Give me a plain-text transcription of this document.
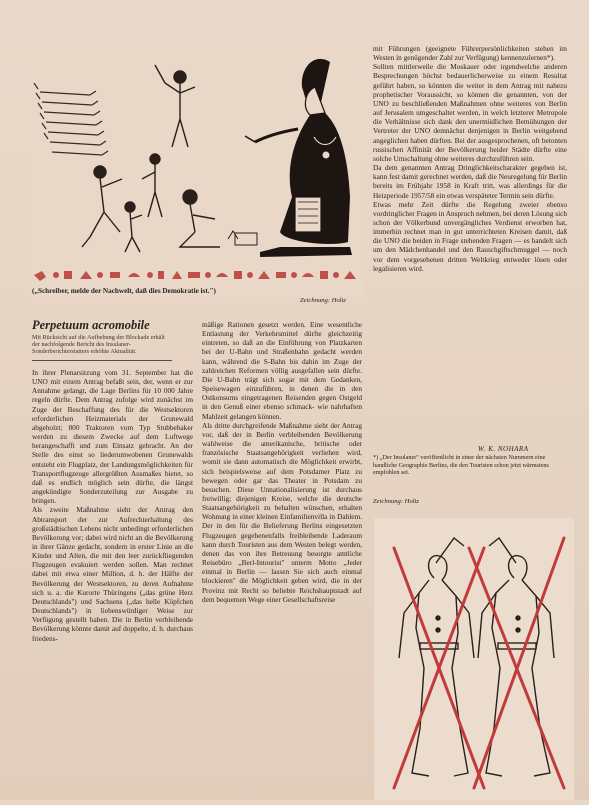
(„Schreiber, melde der Nachwelt, daß dies Demokratie ist.")
Zeichnung: Holtz
Perpetuum acromobile
Mit Rücksicht auf die Aufhebung der Blockade erhält der nachfolgende Bericht des Insulaner-Sonderberichterstatters erhöhte Aktualität.

In ihrer Plenarsitzung vom 31. September hat die UNO mit einem Antrag befaßt sein, der, wenn er zur Annahme gelangt, die Lage Berlins für 10 000 Jahre regeln dürfte. Dem Antrag zufolge wird zunächst im Zuge der Beschaffung des für die Westsektoren erforderlichen Heizmaterials der Grunewald abgeholzt; 800 Traktoren vom Typ Stubbebaker werden zu diesem Zwecke auf dem Luftwege herangeschafft und zum Einsatz gebracht. An der Stelle des einst so liederumwobenen Grunewalds entsteht ein Flugplatz, der Landungsmöglichkeiten für Transportflugzeuge allergrößten Ausmaßes bietet, so daß es endlich möglich sein dürfte, die längst angekündigte Sonderzuteilung zur Ausgabe zu bringen.

Als zweite Maßnahme sieht der Antrag den Abtransport der zur Aufrechterhaltung des großstädtischen Lebens nicht unbedingt erforderlichen Bevölkerung vor; dabei wird nicht an die Bevölkerung in ihrer Gänze gedacht, sondern in erster Linie an die Kinder und Alten, die mit den leer zurückfliegenden Flugzeugen evakuiert werden sollen. Man rechnet dabei mit etwa einer Million, d. h. der Hälfte der Bevölkerung der Westsektoren, zu deren Aufnahme sich u. a. die Kurorte Thüringens („das grüne Herz Deutschlands") und Sachsens („das helle Köpfchen Deutschlands") in liebenswürdiger Weise zur Verfügung gestellt haben. Die in Berlin verbleibende Bevölkerung könnte damit auf doppelte, d. h. durchaus friedens-

mäßige Rationen gesetzt werden. Eine wesentliche Entlastung der Verkehrsmittel dürfte gleichzeitig eintreten, so daß an die Einführung von Platzkarten bei der U-Bahn und Straßenbahn gedacht werden kann, während die S-Bahn bis dahin im Zuge der zahlreichen Reformen völlig ausgefallen sein dürfte. Die U-Bahn trägt sich sogar mit dem Gedanken, Speisewagen einzuführen, in denen die in den Ostkonsums eingetragenen Reisenden gegen Ostgeld in den Genuß einer ebenso schmack- wie nahrhaften Mahlzeit gelangen können.

Als dritte durchgreifende Maßnahme sieht der Antrag vor, daß der in Berlin verbleibenden Bevölkerung wahlweise die amerikanische, britische oder französische Staatsangehörigkeit verliehen wird, womit sie dann automatisch die Möglichkeit erwirbt, sich beispielsweise auf dem Potsdamer Platz zu bewegen oder gar das Theater in Potsdam zu besuchen. Diese Unnationalisierung ist durchaus freiwillig; diejenigen Kreise, welche die deutsche Staatsangehörigkeit zu behalten wünschen, erhalten Wohnung in einer kleinen Einfamilienvilla in Dahlem. Der in den für die Belieferung Berlins eingesetzten Flugzeugen gegebenenfalls freibleibende Laderaum kann durch Touristen aus dem Westen belegt werden, denen das von ihre Betreuung besorgte amtliche Reisebüro „Berl-Intourist" unterm Motto „Jeder einmal in Berlin — lassen Sie sich auch einmal blockieren" die Möglichkeit geben wird, die in der Provinz mit Recht so beliebte Reichshauptstadt auf dem bequemen Wege einer Gesellschaftsreise

mit Führungen (geeignete Führerpersönlichkeiten stehen im Westen in genügender Zahl zur Verfügung) kennenzulernen*).

Sollten mittlerweile die Moskauer oder irgendwelche anderen Besprechungen höchst bedauerlicherweise zu einem Resultat geführt haben, so könnten die weiter in dem Antrag mit nahezu prophetischer Voraussicht, so können die genannten, von der UNO zu beschließenden Maßnahmen ohne weiteres von Berlin auf Jerusalem umgeschaltet werden, in welch letzterer Metropole die Verhältnisse sich dank den unermüdlichen Bemühungen der Vertreter der UNO demnächst denjenigen in Berlin weitgehend angeglichen haben dürften. Bei der ausgesprochenen, oft betonten russischen Affinität der Bevölkerung beider Städte dürfte eine solche Umschaltung ohne weiteres durchzuführen sein.

Da dem genannten Antrag Dringlichkeitscharakter gegeben ist, kann fest damit gerechnet werden, daß die Neuregelung für Berlin bereits im Frühjahr 1958 in Kraft tritt, was allerdings für die Heizperiode 1957/58 ein etwas verspäteter Termin sein dürfte.

Etwas mehr Zeit dürfte die Regelung zweier ebenso vordringlicher Fragen in Anspruch nehmen, bei deren Lösung sich schon der Völkerbund unvergängliches Verdienst erworben hat, immerhin rechnet man in gut unterrichteten Kreisen damit, daß die UNO die beiden in Frage stehenden Fragen — es handelt sich um den Mädchenhandel und den Rauschgiftschmuggel — noch vor dem vorgesehenen dritten Weltkrieg entweder lösen oder legalisieren wird.

W. K. NOHARA
*) „Der Insulaner" veröffentlicht in einer der nächsten Nummern eine handliche Geographie Berlins, die den Touristen schon jetzt wärmstens empfohlen sei.
Zeichnung: Holtz
